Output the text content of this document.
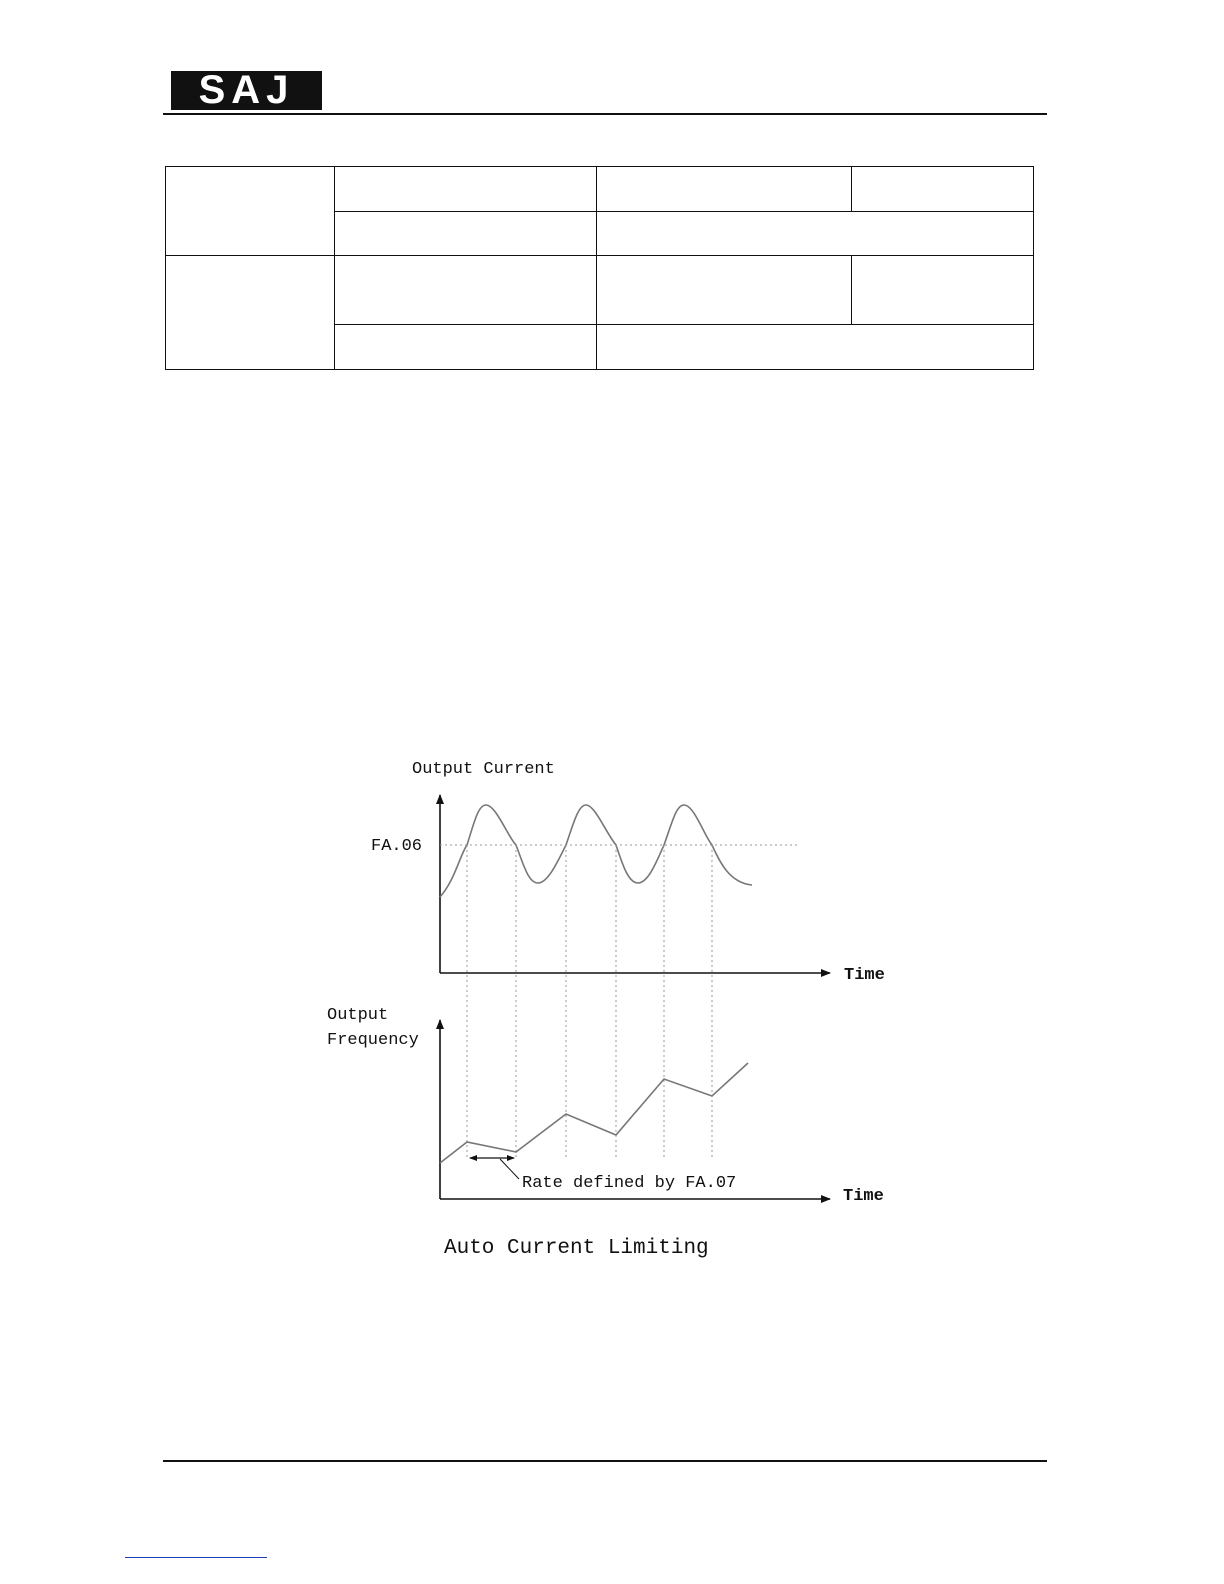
SAJ

Output Current
Time
FA.06
Output
Frequency
Time
Rate defined by FA.07
Auto Current Limiting
